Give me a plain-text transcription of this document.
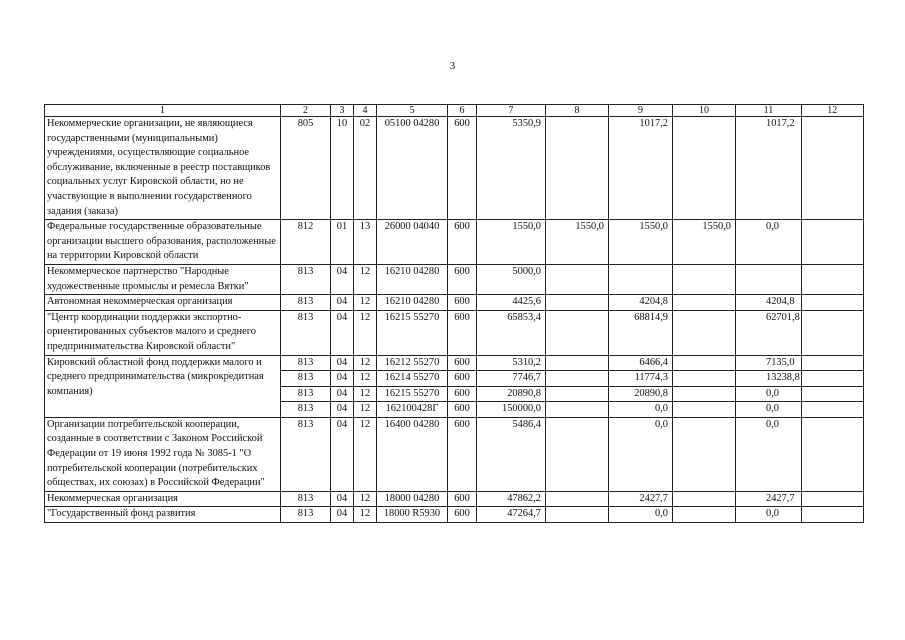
3
1	2	3	4	5	6	7	8	9	10	11	12
Некоммерческие организации, не являющиеся государственными (муниципальными) учреждениями, осуществляющие социальное обслуживание, включенные в реестр поставщиков социальных услуг Кировской области, но не участвующие в выполнении государственного задания (заказа)	805	10	02	05100 04280	600	5350,9		1017,2		1017,2	
Федеральные государственные образовательные организации высшего образования, расположенные на территории Кировской области	812	01	13	26000 04040	600	1550,0	1550,0	1550,0	1550,0	0,0	
Некоммерческое партнерство "Народные художественные промыслы и ремесла Вятки"	813	04	12	16210 04280	600	5000,0					
Автономная некоммерческая организация	813	04	12	16210 04280	600	4425,6		4204,8		4204,8	
"Центр координации поддержки экспортно-ориентированных субъектов малого и среднего предпринимательства Кировской области"	813	04	12	16215 55270	600	65853,4		68814,9		62701,8	
Кировский областной фонд поддержки малого и среднего предпринимательства (микрокредитная компания)	813	04	12	16212 55270	600	5310,2		6466,4		7135,0	
	813	04	12	16214 55270	600	7746,7		11774,3		13238,8	
	813	04	12	16215 55270	600	20890,8		20890,8		0,0	
	813	04	12	162100428Г	600	150000,0		0,0		0,0	
Организации потребительской кооперации, созданные в соответствии с Законом Российской Федерации от 19 июня 1992 года № 3085-1 "О потребительской кооперации (потребительских обществах, их союзах) в Российской Федерации"	813	04	12	16400 04280	600	5486,4		0,0		0,0	
Некоммерческая организация	813	04	12	18000 04280	600	47862,2		2427,7		2427,7	
"Государственный фонд развития	813	04	12	18000 R5930	600	47264,7		0,0		0,0	
